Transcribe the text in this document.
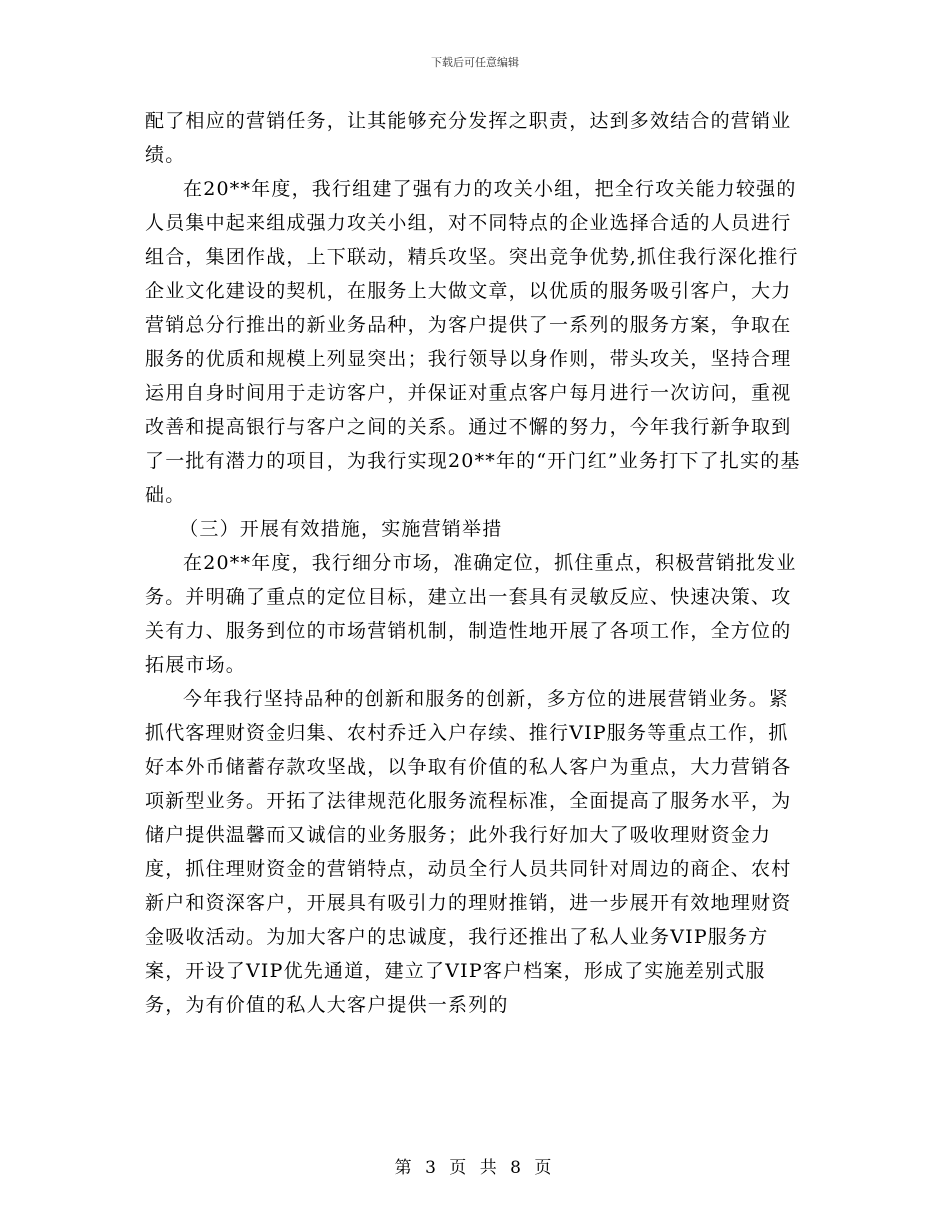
下载后可任意编辑

配了相应的营销任务，让其能够充分发挥之职责，达到多效结合的营销业绩。

在20**年度，我行组建了强有力的攻关小组，把全行攻关能力较强的人员集中起来组成强力攻关小组，对不同特点的企业选择合适的人员进行组合，集团作战，上下联动，精兵攻坚。突出竞争优势,抓住我行深化推行企业文化建设的契机，在服务上大做文章，以优质的服务吸引客户，大力营销总分行推出的新业务品种，为客户提供了一系列的服务方案，争取在服务的优质和规模上列显突出；我行领导以身作则，带头攻关，坚持合理运用自身时间用于走访客户，并保证对重点客户每月进行一次访问，重视改善和提高银行与客户之间的关系。通过不懈的努力，今年我行新争取到了一批有潜力的项目，为我行实现20**年的“开门红”业务打下了扎实的基础。

（三）开展有效措施，实施营销举措

在20**年度，我行细分市场，准确定位，抓住重点，积极营销批发业务。并明确了重点的定位目标，建立出一套具有灵敏反应、快速决策、攻关有力、服务到位的市场营销机制，制造性地开展了各项工作，全方位的拓展市场。

今年我行坚持品种的创新和服务的创新，多方位的进展营销业务。紧抓代客理财资金归集、农村乔迁入户存续、推行VIP服务等重点工作，抓好本外币储蓄存款攻坚战，以争取有价值的私人客户为重点，大力营销各项新型业务。开拓了法律规范化服务流程标准，全面提高了服务水平，为储户提供温馨而又诚信的业务服务；此外我行好加大了吸收理财资金力度，抓住理财资金的营销特点，动员全行人员共同针对周边的商企、农村新户和资深客户，开展具有吸引力的理财推销，进一步展开有效地理财资金吸收活动。为加大客户的忠诚度，我行还推出了私人业务VIP服务方案，开设了VIP优先通道，建立了VIP客户档案，形成了实施差别式服务，为有价值的私人大客户提供一系列的

第 3 页 共 8 页
